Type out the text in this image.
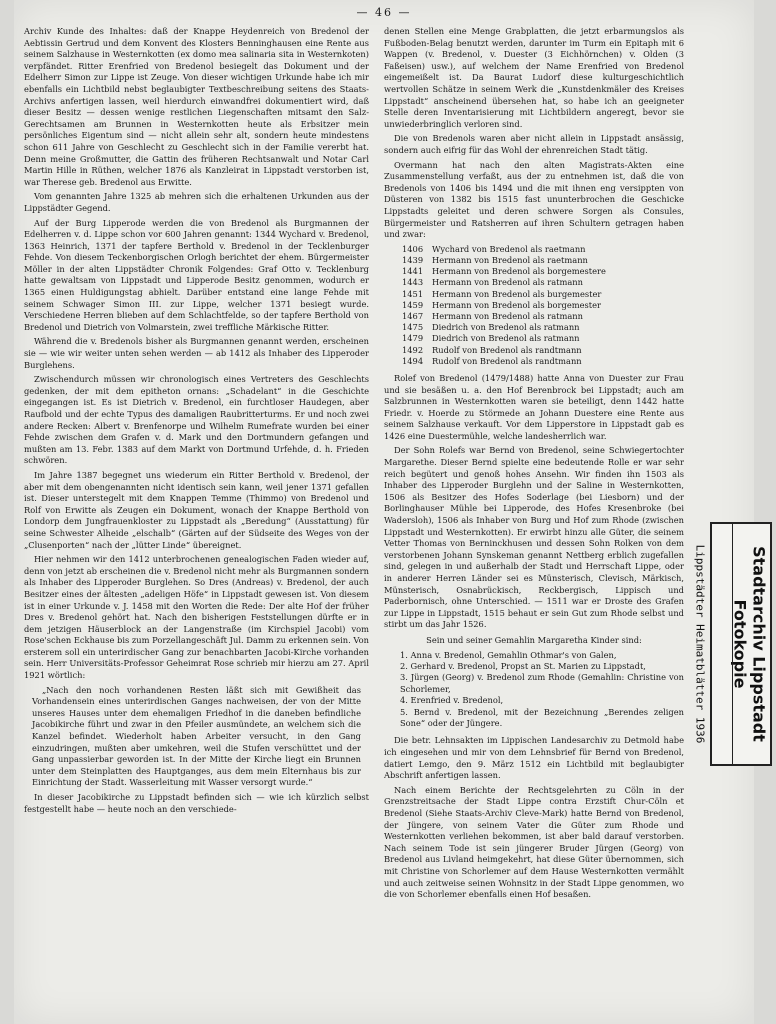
— 46 —

Archiv Kunde des Inhaltes: daß der Knappe Heydenreich von Bredenol der Aebtissin Gertrud und dem Konvent des Klosters Benninghausen eine Rente aus seinem Salzhause in Westernkotten (ex domo mea salinaria sita in Westernkoten) verpfändet. Ritter Erenfried von Bredenol besiegelt das Dokument und der Edelherr Simon zur Lippe ist Zeuge. Von dieser wichtigen Urkunde habe ich mir ebenfalls ein Lichtbild nebst beglaubigter Textbeschreibung seitens des Staats-Archivs anfertigen lassen, weil hierdurch einwandfrei dokumentiert wird, daß dieser Besitz — dessen wenige restlichen Liegenschaften mitsamt den Salz-Gerechtsamen am Brunnen in Westernkotten heute als Erbsitzer mein persönliches Eigentum sind — nicht allein sehr alt, sondern heute mindestens schon 611 Jahre von Geschlecht zu Geschlecht sich in der Familie vererbt hat. Denn meine Großmutter, die Gattin des früheren Rechtsanwalt und Notar Carl Martin Hille in Rüthen, welcher 1876 als Kanzleirat in Lippstadt verstorben ist, war Therese geb. Bredenol aus Erwitte.

Vom genannten Jahre 1325 ab mehren sich die erhaltenen Urkunden aus der Lippstädter Gegend.

Auf der Burg Lipperode werden die von Bredenol als Burgmannen der Edelherren v. d. Lippe schon vor 600 Jahren genannt: 1344 Wychard v. Bredenol, 1363 Heinrich, 1371 der tapfere Berthold v. Bredenol in der Tecklenburger Fehde. Von diesem Teckenborgischen Orlogh berichtet der ehem. Bürgermeister Möller in der alten Lippstädter Chronik Folgendes: Graf Otto v. Tecklenburg hatte gewaltsam von Lippstadt und Lipperode Besitz genommen, wodurch er 1365 einen Huldigungstag abhielt. Darüber entstand eine lange Fehde mit seinem Schwager Simon III. zur Lippe, welcher 1371 besiegt wurde. Verschiedene Herren blieben auf dem Schlachtfelde, so der tapfere Berthold von Bredenol und Dietrich von Volmarstein, zwei treffliche Märkische Ritter.

Während die v. Bredenols bisher als Burgmannen genannt werden, erscheinen sie — wie wir weiter unten sehen werden — ab 1412 als Inhaber des Lipperoder Burglehens.

Zwischendurch müssen wir chronologisch eines Vertreters des Geschlechts gedenken, der mit dem epitheton ornans: „Schadelant“ in die Geschichte eingegangen ist. Es ist Dietrich v. Bredenol, ein furchtloser Haudegen, aber Raufbold und der echte Typus des damaligen Raubritterturms. Er und noch zwei andere Recken: Albert v. Brenfenorpe und Wilhelm Rumefrate wurden bei einer Fehde zwischen dem Grafen v. d. Mark und den Dortmundern gefangen und mußten am 13. Febr. 1383 auf dem Markt von Dortmund Urfehde, d. h. Frieden schwören.

Im Jahre 1387 begegnet uns wiederum ein Ritter Berthold v. Bredenol, der aber mit dem obengenannten nicht identisch sein kann, weil jener 1371 gefallen ist. Dieser unterstegelt mit dem Knappen Temme (Thimmo) von Bredenol und Rolf von Erwitte als Zeugen ein Dokument, wonach der Knappe Berthold von Londorp dem Jungfrauenkloster zu Lippstadt als „Beredung“ (Ausstattung) für seine Schwester Alheide „elschalb“ (Gärten auf der Südseite des Weges von der „Clusenporten“ nach der „lütter Linde“ übereignet.

Hier nehmen wir den 1412 unterbrochenen genealogischen Faden wieder auf, denn von jetzt ab erscheinen die v. Bredenol nicht mehr als Burgmannen sondern als Inhaber des Lipperoder Burglehen. So Dres (Andreas) v. Bredenol, der auch Besitzer eines der ältesten „adeligen Höfe“ in Lippstadt gewesen ist. Von diesem ist in einer Urkunde v. J. 1458 mit den Worten die Rede: Der alte Hof der früher Dres v. Bredenol gehört hat. Nach den bisherigen Feststellungen dürfte er in dem jetzigen Häuserblock an der Langenstraße (im Kirchspiel Jacobi) vom Rose'schen Eckhause bis zum Porzellangeschäft Jul. Damm zu erkennen sein. Von ersterem soll ein unterirdischer Gang zur benachbarten Jacobi-Kirche vorhanden sein. Herr Universitäts-Professor Geheimrat Rose schrieb mir hierzu am 27. April 1921 wörtlich:

„Nach den noch vorhandenen Resten läßt sich mit Gewißheit das Vorhandensein eines unterirdischen Ganges nachweisen, der von der Mitte unseres Hauses unter dem ehemaligen Friedhof in die daneben befindliche Jacobikirche führt und zwar in den Pfeiler ausmündete, an welchem sich die Kanzel befindet. Wiederholt haben Arbeiter versucht, in den Gang einzudringen, mußten aber umkehren, weil die Stufen verschüttet und der Gang unpassierbar geworden ist. In der Mitte der Kirche liegt ein Brunnen unter dem Steinplatten des Hauptganges, aus dem mein Elternhaus bis zur Einrichtung der Stadt. Wasserleitung mit Wasser versorgt wurde.“

In dieser Jacobikirche zu Lippstadt befinden sich — wie ich kürzlich selbst festgestellt habe — heute noch an den verschiede-

denen Stellen eine Menge Grabplatten, die jetzt erbarmungslos als Fußboden-Belag benutzt werden, darunter im Turm ein Epitaph mit 6 Wappen (v. Bredenol, v. Duester (3 Eichhörnchen) v. Olden (3 Faßeisen) usw.), auf welchem der Name Erenfried von Bredenol eingemeißelt ist. Da Baurat Ludorf diese kulturgeschichtlich wertvollen Schätze in seinem Werk die „Kunstdenkmäler des Kreises Lippstadt“ anscheinend übersehen hat, so habe ich an geeigneter Stelle deren Inventarisierung mit Lichtbildern angeregt, bevor sie unwiederbringlich verloren sind.

Die von Bredenols waren aber nicht allein in Lippstadt ansässig, sondern auch eifrig für das Wohl der ehrenreichen Stadt tätig.

Overmann hat nach den alten Magistrats-Akten eine Zusammenstellung verfaßt, aus der zu entnehmen ist, daß die von Bredenols von 1406 bis 1494 und die mit ihnen eng versippten von Düsteren von 1382 bis 1515 fast ununterbrochen die Geschicke Lippstadts geleitet und deren schwere Sorgen als Consules, Bürgermeister und Ratsherren auf ihren Schultern getragen haben und zwar:

1406 Wychard von Bredenol als raetmann
1439 Hermann von Bredenol als raetmann
1441 Hermann von Bredenol als borgemestere
1443 Hermann von Bredenol als ratmann
1451 Hermann von Bredenol als burgemester
1459 Hermann von Bredenol als borgemester
1467 Hermann von Bredenol als ratmann
1475 Diedrich von Bredenol als ratmann
1479 Diedrich von Bredenol als ratmann
1492 Rudolf von Bredenol als randtmann
1494 Rudolf von Bredenol als randtmann

Rolef von Bredenol (1479/1488) hatte Anna von Duester zur Frau und sie besäßen u. a. den Hof Berenbrock bei Lippstadt; auch am Salzbrunnen in Westernkotten waren sie beteiligt, denn 1442 hatte Friedr. v. Hoerde zu Störmede an Johann Duestere eine Rente aus seinem Salzhause verkauft. Vor dem Lipperstore in Lippstadt gab es 1426 eine Duestermühle, welche landesherrlich war.

Der Sohn Rolefs war Bernd von Bredenol, seine Schwiegertochter Margarethe. Dieser Bernd spielte eine bedeutende Rolle er war sehr reich begütert und genoß hohes Ansehn. Wir finden ihn 1503 als Inhaber des Lipperoder Burglehn und der Saline in Westernkotten, 1506 als Besitzer des Hofes Soderlage (bei Liesborn) und der Borlinghauser Mühle bei Lipperode, des Hofes Kresenbroke (bei Wadersloh), 1506 als Inhaber von Burg und Hof zum Rhode (zwischen Lippstadt und Westernkotten). Er erwirbt hinzu alle Güter, die seinem Vetter Thomas von Berninckhusen und dessen Sohn Rolken von dem verstorbenen Johann Synskeman genannt Nettberg erblich zugefallen sind, gelegen in und außerhalb der Stadt und Herrschaft Lippe, oder in anderer Herren Länder sei es Münsterisch, Clevisch, Märkisch, Münsterisch, Osnabrückisch, Reckbergisch, Lippisch und Paderbornisch, ohne Unterschied. — 1511 war er Droste des Grafen zur Lippe in Lippstadt, 1515 behaut er sein Gut zum Rhode selbst und stirbt um das Jahr 1526.

Sein und seiner Gemahlin Margaretha Kinder sind:
1. Anna v. Bredenol, Gemahlin Othmar's von Galen,
2. Gerhard v. Bredenol, Propst an St. Marien zu Lippstadt,
3. Jürgen (Georg) v. Bredenol zum Rhode (Gemahlin: Christine von Schorlemer,
4. Erenfried v. Bredenol,
5. Bernd v. Bredenol, mit der Bezeichnung „Berendes zeligen Sone“ oder der Jüngere.

Die betr. Lehnsakten im Lippischen Landesarchiv zu Detmold habe ich eingesehen und mir von dem Lehnsbrief für Bernd von Bredenol, datiert Lemgo, den 9. März 1512 ein Lichtbild mit beglaubigter Abschrift anfertigen lassen.

Nach einem Berichte der Rechtsgelehrten zu Cöln in der Grenzstreitsache der Stadt Lippe contra Erzstift Chur-Cöln et Bredenol (Siehe Staats-Archiv Cleve-Mark) hatte Bernd von Bredenol, der Jüngere, von seinem Vater die Güter zum Rhode und Westernkotten verliehen bekommen, ist aber bald darauf verstorben. Nach seinem Tode ist sein jüngerer Bruder Jürgen (Georg) von Bredenol aus Livland heimgekehrt, hat diese Güter übernommen, sich mit Christine von Schorlemer auf dem Hause Westernkotten vermählt und auch zeitweise seinen Wohnsitz in der Stadt Lippe genommen, wo die von Schorlemer ebenfalls einen Hof besaßen.

Stadtarchiv Lippstadt
Fotokopie
Lippstädter Heimatblätter 1936
